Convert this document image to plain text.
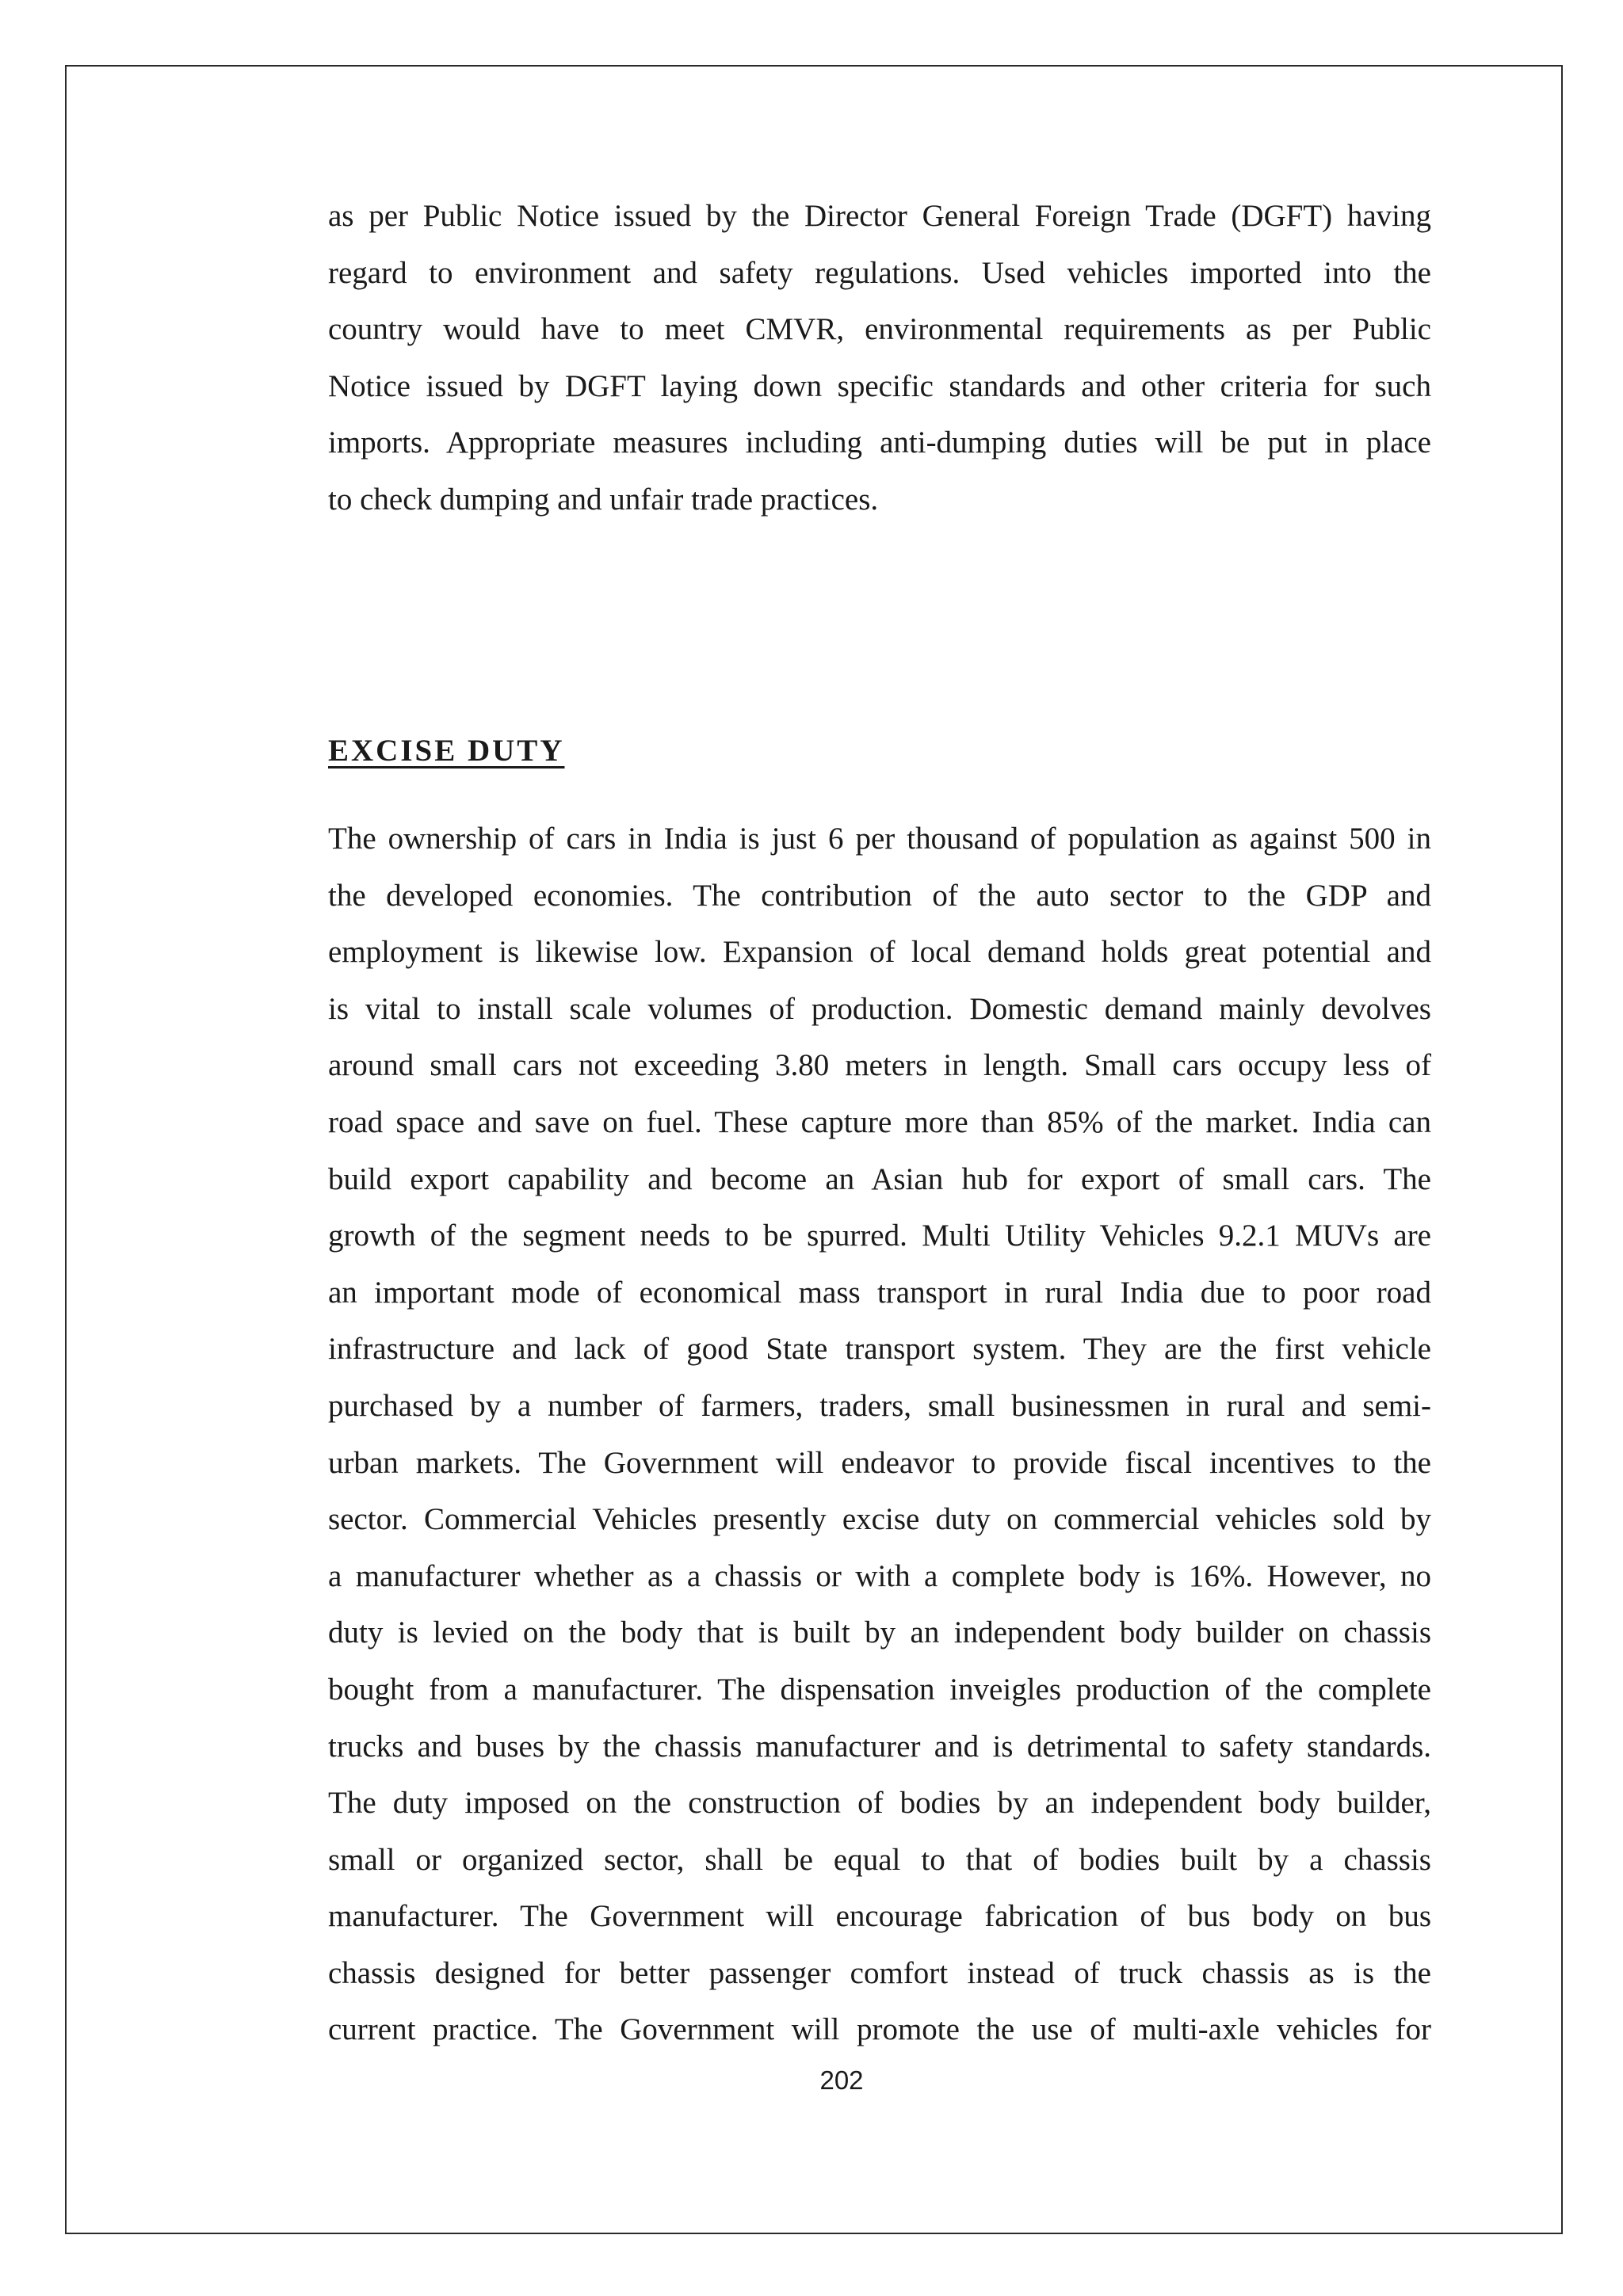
as per Public Notice issued by the Director General Foreign Trade (DGFT) having
regard to environment and safety regulations. Used vehicles imported into the
country would have to meet CMVR, environmental requirements as per Public
Notice issued by DGFT laying down specific standards and other criteria for such
imports. Appropriate measures including anti-dumping duties will be put in place
to check dumping and unfair trade practices.
EXCISE DUTY
The ownership of cars in India is just 6 per thousand of population as against 500 in
the developed economies. The contribution of the auto sector to the GDP and
employment is likewise low. Expansion of local demand holds great potential and
is vital to install scale volumes of production. Domestic demand mainly devolves
around small cars not exceeding 3.80 meters in length. Small cars occupy less of
road space and save on fuel. These capture more than 85% of the market. India can
build export capability and become an Asian hub for export of small cars. The
growth of the segment needs to be spurred. Multi Utility Vehicles 9.2.1 MUVs are
an important mode of economical mass transport in rural India due to poor road
infrastructure and lack of good State transport system. They are the first vehicle
purchased by a number of farmers, traders, small businessmen in rural and semi-
urban markets. The Government will endeavor to provide fiscal incentives to the
sector. Commercial Vehicles presently excise duty on commercial vehicles sold by
a manufacturer whether as a chassis or with a complete body is 16%. However, no
duty is levied on the body that is built by an independent body builder on chassis
bought from a manufacturer. The dispensation inveigles production of the complete
trucks and buses by the chassis manufacturer and is detrimental to safety standards.
The duty imposed on the construction of bodies by an independent body builder,
small or organized sector, shall be equal to that of bodies built by a chassis
manufacturer. The Government will encourage fabrication of bus body on bus
chassis designed for better passenger comfort instead of truck chassis as is the
current practice. The Government will promote the use of multi-axle vehicles for

202
